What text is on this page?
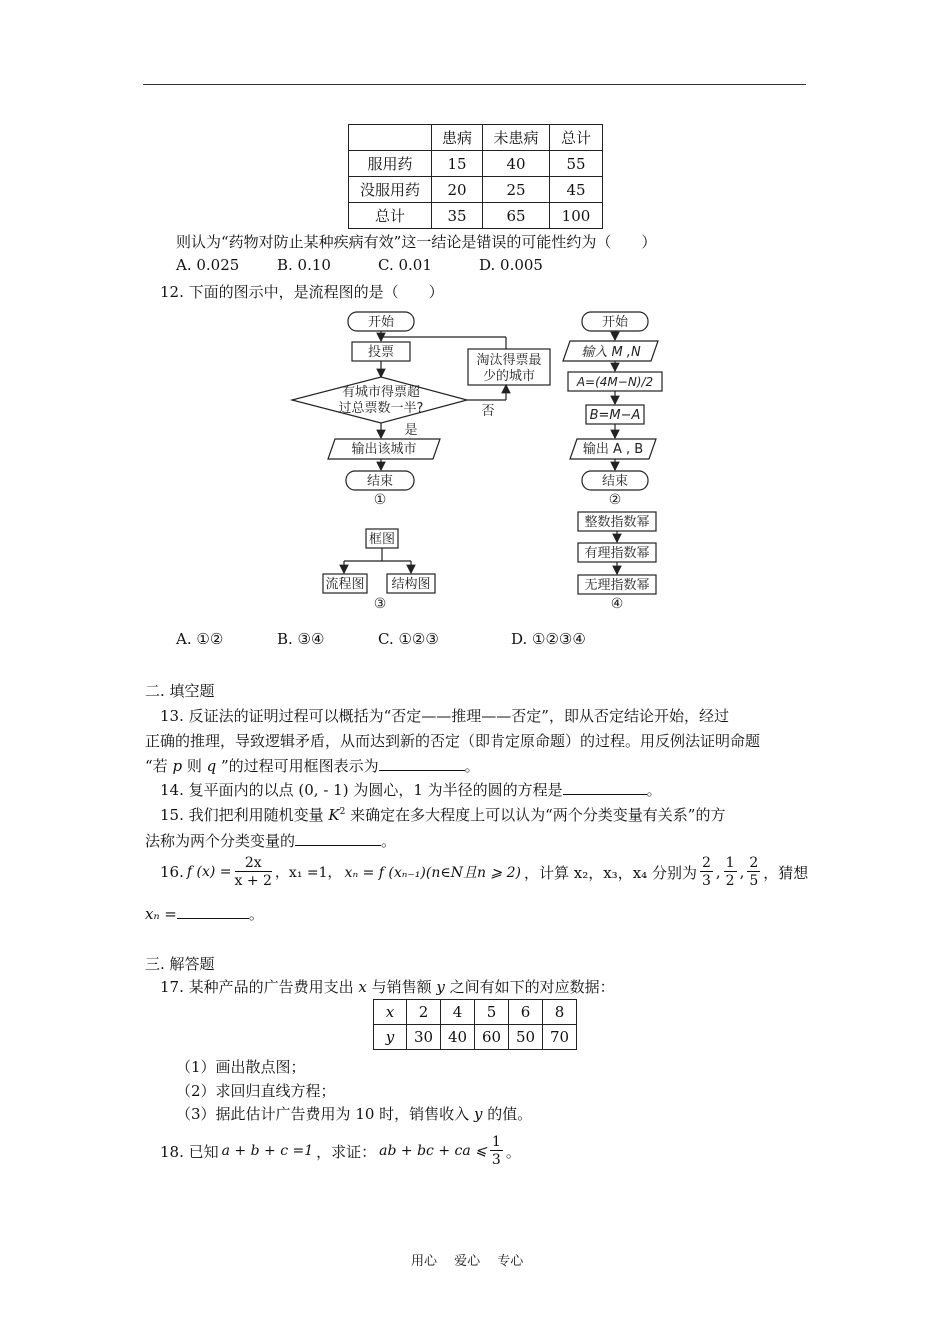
	患病	未患病	总计
服用药	15	40	55
没服用药	20	25	45
总计	35	65	100
则认为“药物对防止某种疾病有效”这一结论是错误的可能性约为（　　）
A. 0.025	B. 0.10	C. 0.01	D. 0.005
12. 下面的图示中，是流程图的是（　　）
开始
投票
淘汰得票最
少的城市
有城市得票超
过总票数一半?	否
是
输出该城市
结束
①
开始
输入 M ,N
A=(4M−N)/2
B=M−A
输出 A , B
结束
②
框图
流程图 结构图
③
整数指数幂
有理指数幂
无理指数幂
④
A. ①②	B. ③④	C. ①②③	D. ①②③④
二. 填空题
13. 反证法的证明过程可以概括为“否定——推理——否定”，即从否定结论开始，经过
正确的推理，导致逻辑矛盾，从而达到新的否定（即肯定原命题）的过程。用反例法证明命题
“若 p 则 q ”的过程可用框图表示为	。
14. 复平面内的以点 (0, - 1) 为圆心，1 为半径的圆的方程是	。
15. 我们把利用随机变量 $K^2$ 来确定在多大程度上可以认为“两个分类变量有关系”的方
法称为两个分类变量的	。
16. f $(x) = \frac{2x}{x + 2}$ ，x₁ =1， xₙ = f (xₙ₋₁)(n∈N且n ⩾ 2) ，计算 x₂，x₃，x₄ 分别为 $\frac{2}{3}$ , $\frac{1}{2}$ , $\frac{2}{5}$ ，猜想
xₙ =	。
三. 解答题
17. 某种产品的广告费用支出 x 与销售额 y 之间有如下的对应数据：
x	2	4	5	6	8
y	30	40	60	50	70
（1）画出散点图；
（2）求回归直线方程；
（3）据此估计广告费用为 10 时，销售收入 y 的值。
18. 已知 a + b + c =1 ，求证： ab + bc + ca ⩽ $\frac{1}{3}$ 。
用心　 爱心　 专心
